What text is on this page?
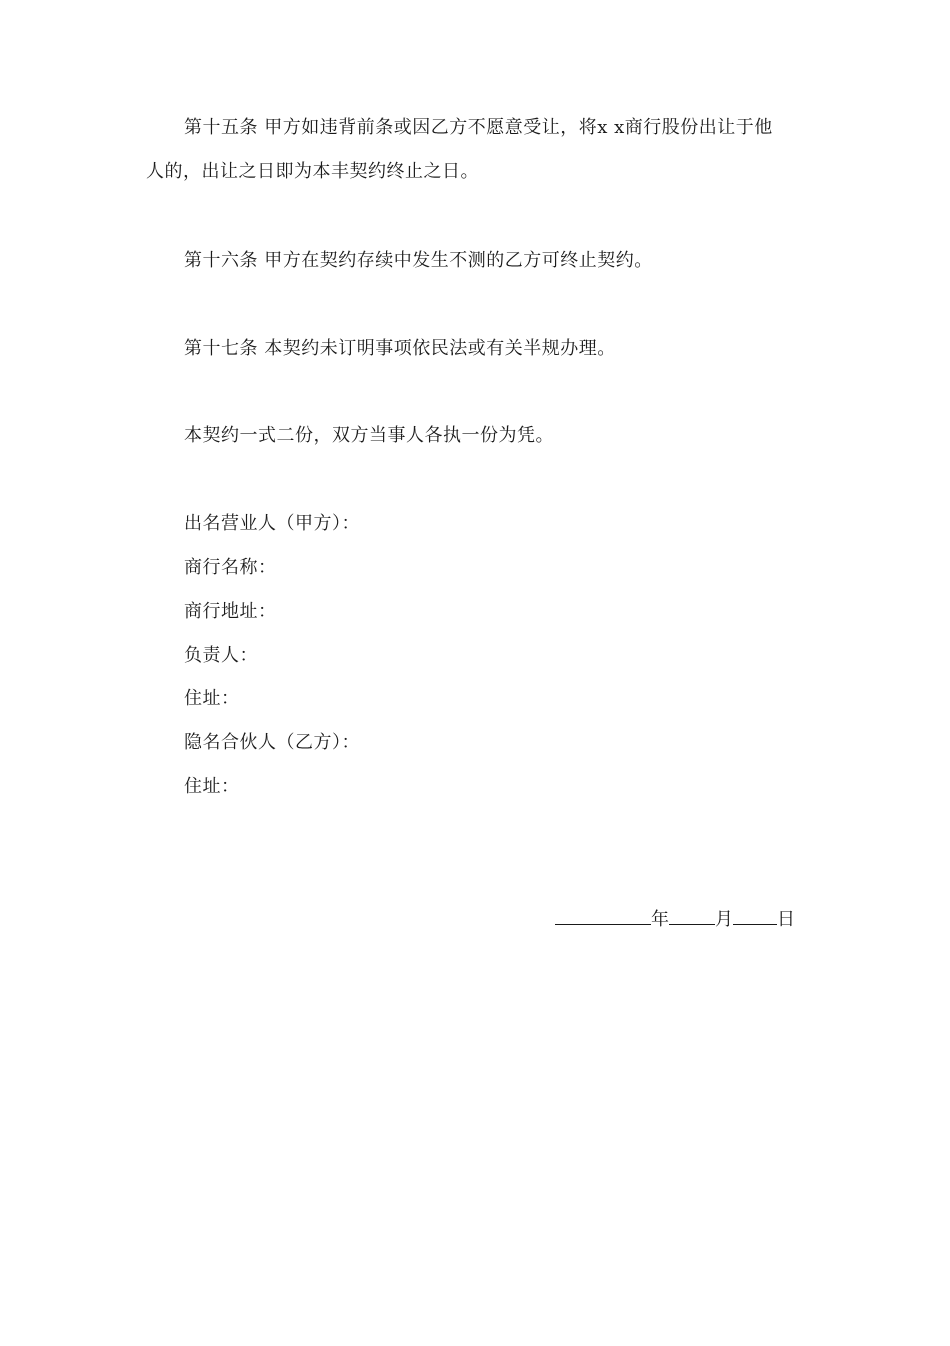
第十五条 甲方如违背前条或因乙方不愿意受让，将x x商行股份出让于他
人的，出让之日即为本丰契约终止之日。
第十六条 甲方在契约存续中发生不测的乙方可终止契约。
第十七条 本契约未订明事项依民法或有关半规办理。
本契约一式二份，双方当事人各执一份为凭。
出名营业人（甲方）：
商行名称：
商行地址：
负责人：
住址：
隐名合伙人（乙方）：
住址：
年	月 日
